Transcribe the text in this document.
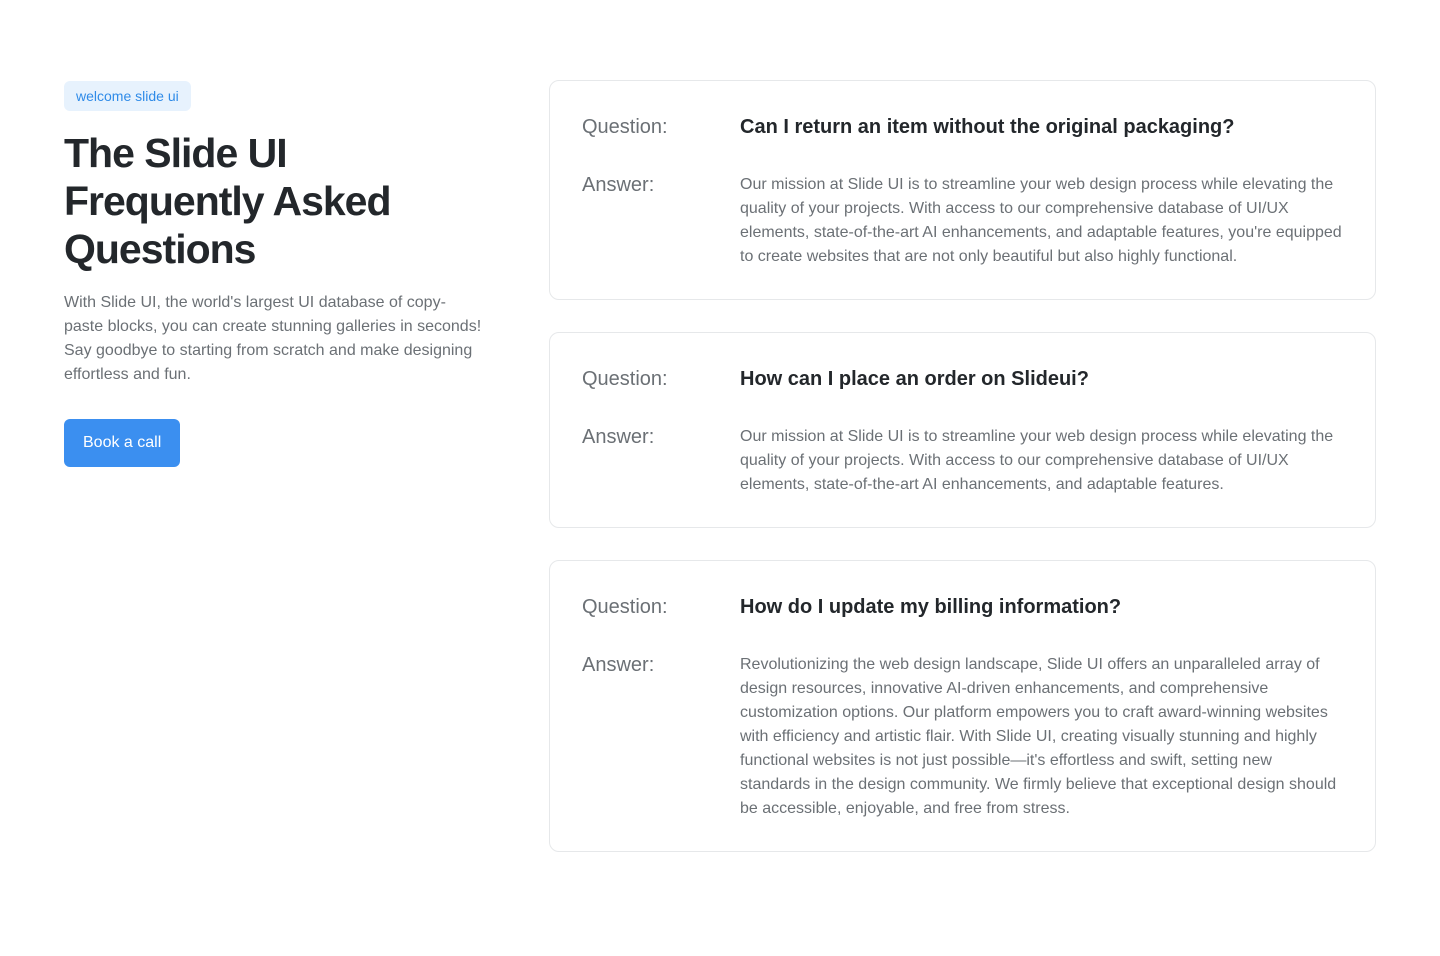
welcome slide ui
The Slide UI Frequently Asked Questions

With Slide UI, the world's largest UI database of copy-paste blocks, you can create stunning galleries in seconds! Say goodbye to starting from scratch and make designing effortless and fun.

Book a call
Question:	Can I return an item without the original packaging?
Answer:	Our mission at Slide UI is to streamline your web design process while elevating the quality of your projects. With access to our comprehensive database of UI/UX elements, state-of-the-art AI enhancements, and adaptable features, you're equipped to create websites that are not only beautiful but also highly functional.
Question:	How can I place an order on Slideui?
Answer:	Our mission at Slide UI is to streamline your web design process while elevating the quality of your projects. With access to our comprehensive database of UI/UX elements, state-of-the-art AI enhancements, and adaptable features.
Question:	How do I update my billing information?
Answer:	Revolutionizing the web design landscape, Slide UI offers an unparalleled array of design resources, innovative AI-driven enhancements, and comprehensive customization options. Our platform empowers you to craft award-winning websites with efficiency and artistic flair. With Slide UI, creating visually stunning and highly functional websites is not just possible—it's effortless and swift, setting new standards in the design community. We firmly believe that exceptional design should be accessible, enjoyable, and free from stress.
